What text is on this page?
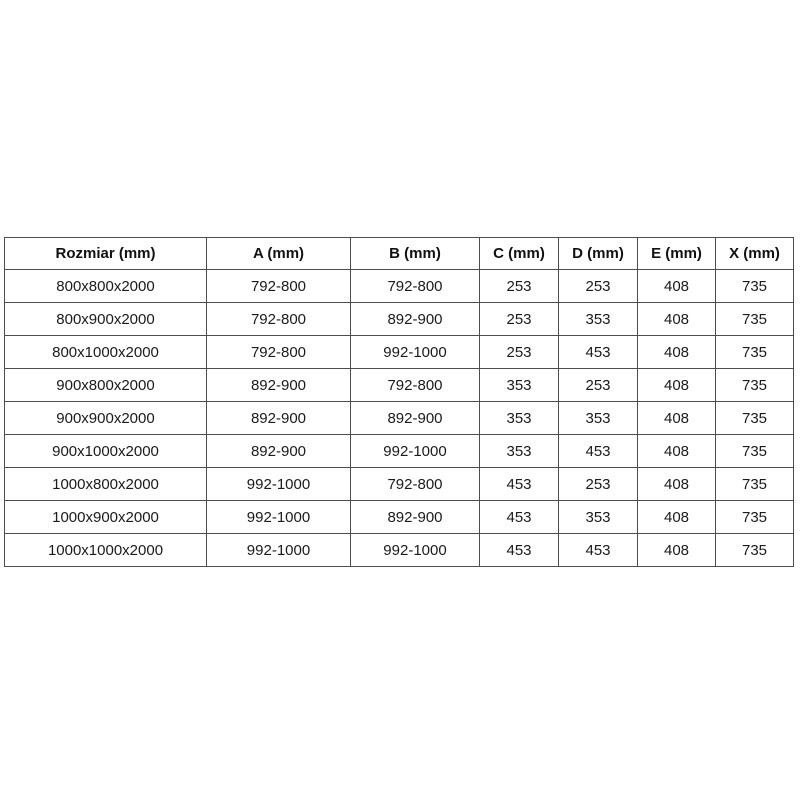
Rozmiar (mm)	A (mm)	B (mm)	C (mm)	D (mm)	E (mm)	X (mm)
800x800x2000	792-800	792-800	253	253	408	735
800x900x2000	792-800	892-900	253	353	408	735
800x1000x2000	792-800	992-1000	253	453	408	735
900x800x2000	892-900	792-800	353	253	408	735
900x900x2000	892-900	892-900	353	353	408	735
900x1000x2000	892-900	992-1000	353	453	408	735
1000x800x2000	992-1000	792-800	453	253	408	735
1000x900x2000	992-1000	892-900	453	353	408	735
1000x1000x2000	992-1000	992-1000	453	453	408	735
